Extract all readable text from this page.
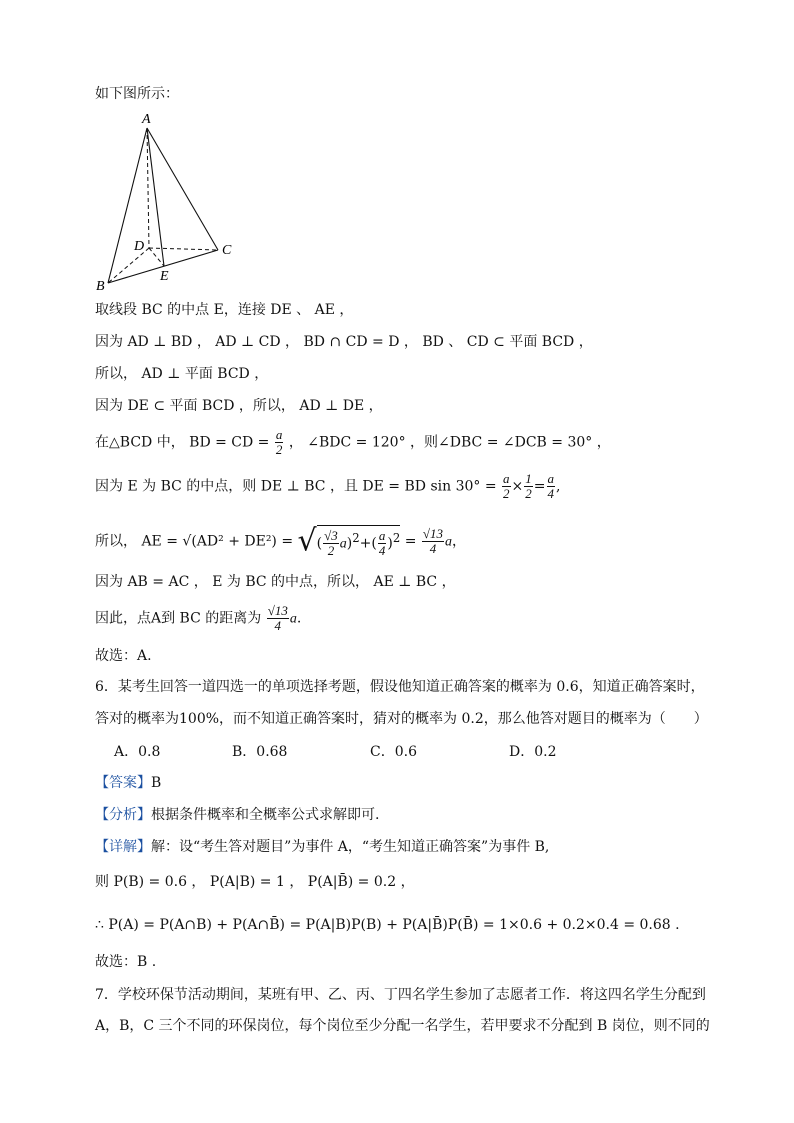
如下图所示：
A
B
C
D
E
取线段 BC 的中点 E，连接 DE 、 AE ，
因为 AD ⊥ BD ， AD ⊥ CD ， BD ∩ CD = D ， BD 、 CD ⊂ 平面 BCD ，
所以， AD ⊥ 平面 BCD ，
因为 DE ⊂ 平面 BCD ，所以， AD ⊥ DE ，
在△BCD 中， BD = CD = $\frac{a}{2}$ ， ∠BDC = 120° ，则∠DBC = ∠DCB = 30° ，
因为 E 为 BC 的中点，则 DE ⊥ BC ，且 DE = BD $\sin 30^\circ = \frac{a}{2} \times \frac{1}{2} = \frac{a}{4}$ ,
所以， AE = √(AD² + DE²) = √( $\frac{√3}{2} a)^2+( \frac{a}{4} )^2 = \frac{√13}{4}$ a，
因为 AB = AC ， E 为 BC 的中点，所以， AE ⊥ BC ，
因此，点A到 BC 的距离为 $\frac{√13}{4} a$.
故选：A.
6．某考生回答一道四选一的单项选择考题，假设他知道正确答案的概率为 0.6，知道正确答案时，
答对的概率为100%，而不知道正确答案时，猜对的概率为 0.2，那么他答对题目的概率为（　　）
A．0.8	B．0.68	C．0.6	D．0.2
【答案】B
【分析】根据条件概率和全概率公式求解即可.
【详解】解：设“考生答对题目”为事件 A，“考生知道正确答案”为事件 B,
则 P(B) = 0.6 ， P(A|B) = 1 ， P(A|B̄) = 0.2 ，
∴ P(A) = P(A∩B) + P(A∩B̄) = P(A|B)P(B) + P(A|B̄)P(B̄) = 1×0.6 + 0.2×0.4 = 0.68 .
故选：B .
7．学校环保节活动期间，某班有甲、乙、丙、丁四名学生参加了志愿者工作．将这四名学生分配到
A，B，C 三个不同的环保岗位，每个岗位至少分配一名学生，若甲要求不分配到 B 岗位，则不同的
